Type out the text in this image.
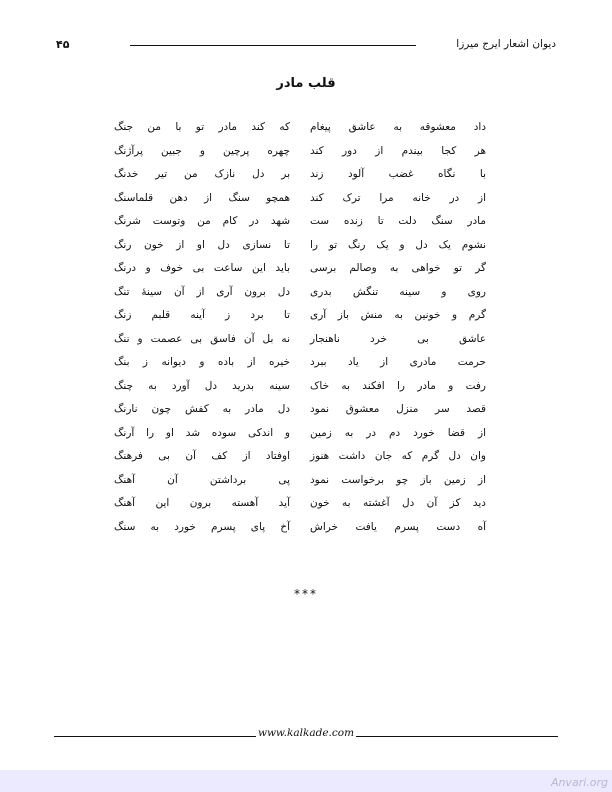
۴۵	دیوان اشعار ایرج میرزا
قلب مادر
داد معشوقه به عاشق پیغام
که کند مادر تو با من جنگ
هر کجا بیندم از دور کند
چهره پرچین و جبین پرآژنگ
با نگاه غضب آلود زند
بر دل نازک من تیر خدنگ
از در خانه مرا ترک کند
همچو سنگ از دهن قلماسنگ
مادر سنگ دلت تا زنده ست
شهد در کام من وتوست شرنگ
نشوم یک دل و یک رنگ تو را
تا نسازی دل او از خون رنگ
گر تو خواهی به وصالم برسی
باید این ساعت بی خوف و درنگ
روی و سینه تنگش بدری
دل برون آری از آن سینهٔ تنگ
گرم و خونین به منش باز آری
تا برد ز آینه قلبم زنگ
عاشق بی خرد ناهنجار
نه بل آن فاسق بی عصمت و ننگ
حرمت مادری از یاد ببرد
خیره از باده و دیوانه ز بنگ
رفت و مادر را افکند به خاک
سینه بدرید دل آورد به چنگ
قصد سر منزل معشوق نمود
دل مادر به کفش چون نارنگ
از قضا خورد دم در به زمین
و اندکی سوده شد او را آرنگ
وان دل گرم که جان داشت هنوز
اوفتاد از کف آن بی فرهنگ
از زمین باز چو برخواست نمود
پی برداشتن آن آهنگ
دید کز آن دل آغشته به خون
آید آهسته برون این آهنگ
آه دست پسرم یافت خراش
آخ پای پسرم خورد به سنگ
***
www.kalkade.com
Anvari.org
